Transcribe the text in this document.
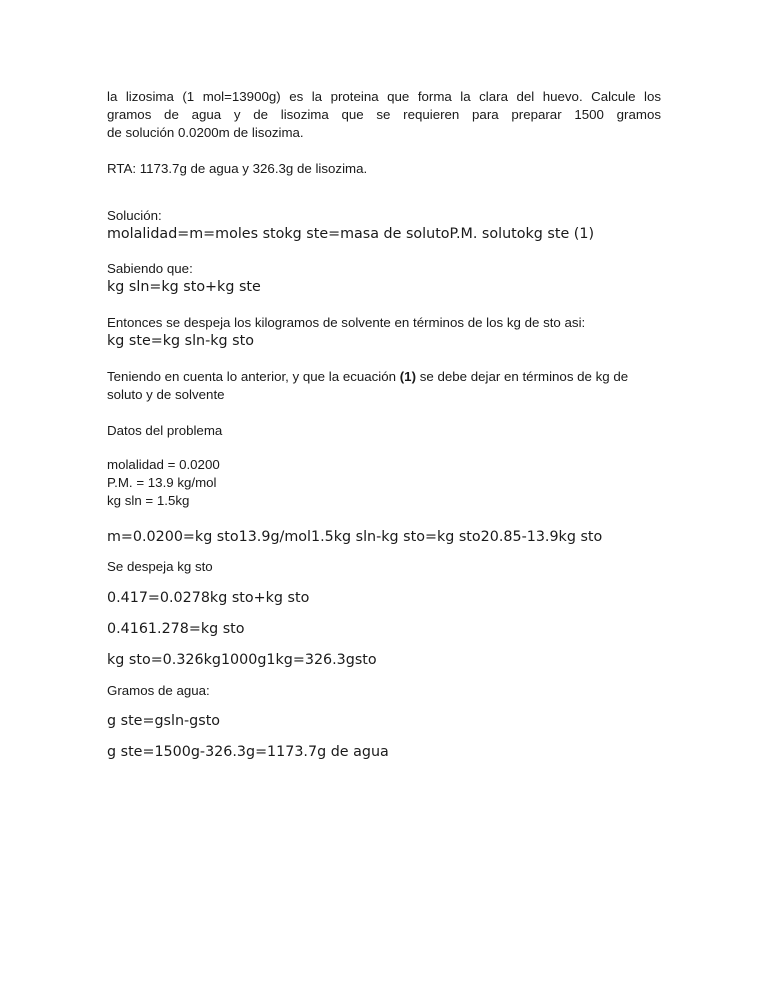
la lizosima (1 mol=13900g) es la proteina que forma la clara del huevo. Calcule los
gramos de agua y de lisozima que se requieren para preparar 1500 gramos
de solución 0.0200m de lisozima.

RTA: 1173.7g de agua y 326.3g de lisozima.

Solución:

molalidad=m=moles stokg ste=masa de solutoP.M. solutokg ste (1)

Sabiendo que:

kg sln=kg sto+kg ste

Entonces se despeja los kilogramos de solvente en términos de los kg de sto asi:

kg ste=kg sln-kg sto

Teniendo en cuenta lo anterior, y que la ecuación (1) se debe dejar en términos de kg de
soluto y de solvente

Datos del problema

molalidad = 0.0200
P.M. = 13.9 kg/mol
kg sln = 1.5kg

m=0.0200=kg sto13.9g/mol1.5kg sln-kg sto=kg sto20.85-13.9kg sto

Se despeja kg sto

0.417=0.0278kg sto+kg sto

0.4161.278=kg sto

kg sto=0.326kg1000g1kg=326.3gsto

Gramos de agua:

g ste=gsln-gsto

g ste=1500g-326.3g=1173.7g de agua
